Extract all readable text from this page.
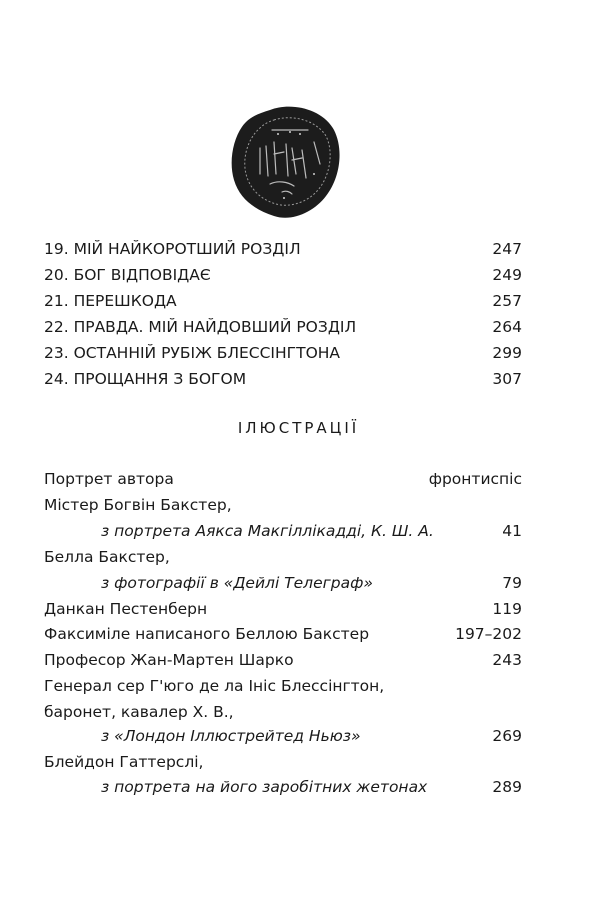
19. МІЙ НАЙКОРОТШИЙ РОЗДІЛ	247
20. БОГ ВІДПОВІДАЄ	249
21. ПЕРЕШКОДА	257
22. ПРАВДА. МІЙ НАЙДОВШИЙ РОЗДІЛ	264
23. ОСТАННІЙ РУБІЖ БЛЕССІНГТОНА	299
24. ПРОЩАННЯ З БОГОМ	307
ІЛЮСТРАЦІЇ
Портрет автора	фронтиспіс
Містер Богвін Бакстер,
з портрета Аякса Макгіллікадді, К. Ш. А.	41
Белла Бакстер,
з фотографії в «Дейлі Телеграф»	79
Данкан Пестенберн	119
Факсиміле написаного Беллою Бакстер	197–202
Професор Жан-Мартен Шарко	243
Генерал сер Г'юго де ла Ініс Блессінгтон,
баронет, кавалер Х. В.,
з «Лондон Іллюстрейтед Ньюз»	269
Блейдон Гаттерслі,
з портрета на його заробітних жетонах	289
